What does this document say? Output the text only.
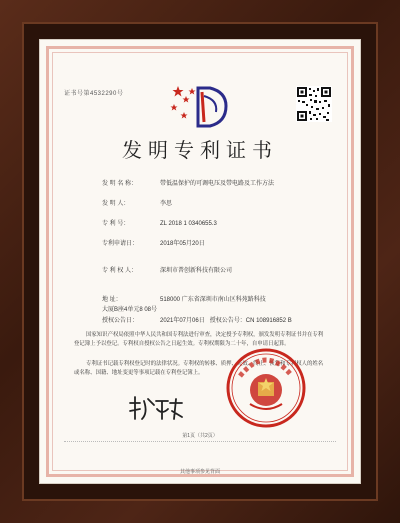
证书号第4532290号
发明专利证书
发 明 名 称：	带低温保护的可调电压及带电路及工作方法
发 明 人：	李思
专 利 号：	ZL 2018 1 0340655.3
专利申请日：	2018年05月20日
专 利 权 人：	深圳市普创新科技有限公司
地 址：	518000 广东省深圳市南山区科苑路科技大厦B座4单元8 08号
授权公告日：	2021年07月06日 授权公告号：CN 108916852 B
国家知识产权局依照中华人民共和国专利法进行审查，决定授予专利权，颁发发明专利证书并在专利登记簿上予以登记。专利权自授权公告之日起生效。专利权期限为二十年，自申请日起算。
专利证书记载专利权登记时的法律状况。专利权的转移、质押、无效、终止、恢复和专利权人的姓名或名称、国籍、地址变更等事项记载在专利登记簿上。
第1页（共2页）
其他事项参见背面
